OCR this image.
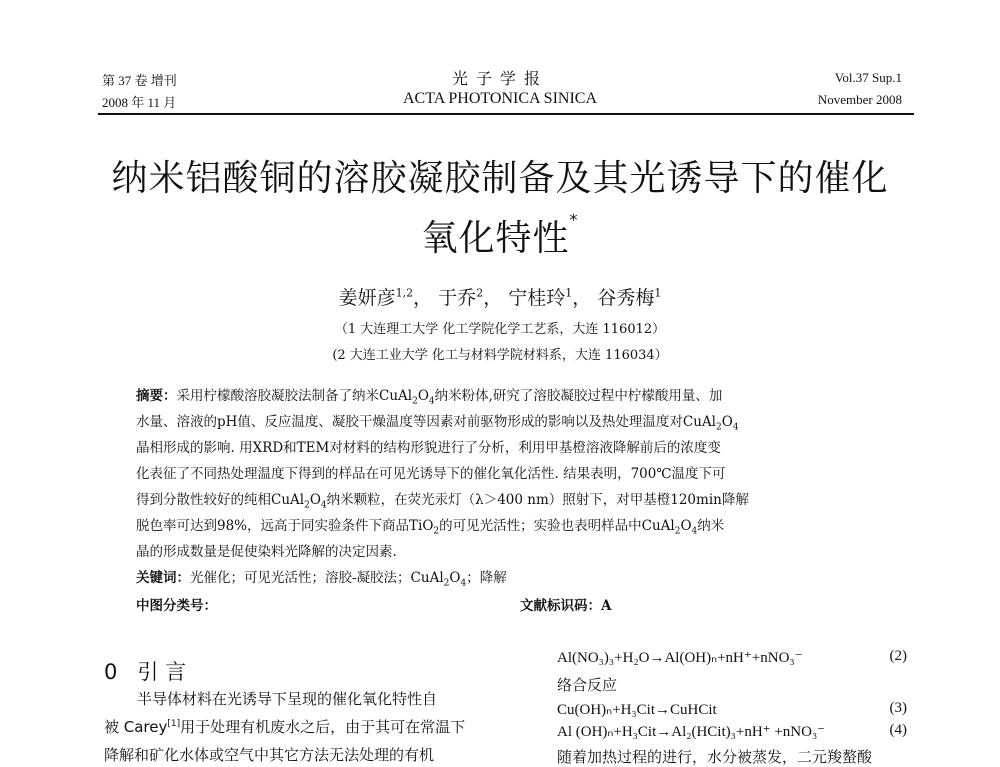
第 37 卷 增刊
2008 年 11 月
光子学报
ACTA PHOTONICA SINICA
Vol.37 Sup.1
November 2008
纳米铝酸铜的溶胶凝胶制备及其光诱导下的催化
氧化特性*
姜妍彦$^{1,2}$， 于乔$^2$， 宁桂玲$^1$， 谷秀梅$^1$
（1 大连理工大学 化工学院化学工艺系，大连 116012）
(2 大连工业大学 化工与材料学院材料系，大连 116034）
摘要：采用柠檬酸溶胶凝胶法制备了纳米$CuAl_2O_4$纳米粉体,研究了溶胶凝胶过程中柠檬酸用量、加
水量、溶液的pH值、反应温度、凝胶干燥温度等因素对前驱物形成的影响以及热处理温度对$CuAl_2O_4$
晶相形成的影响. 用XRD和TEM对材料的结构形貌进行了分析，利用甲基橙溶液降解前后的浓度变
化表征了不同热处理温度下得到的样品在可见光诱导下的催化氧化活性. 结果表明，700℃温度下可
得到分散性较好的纯相$CuAl_2O_4$纳米颗粒，在荧光汞灯（λ＞400 nm）照射下，对甲基橙120min降解
脱色率可达到98%，远高于同实验条件下商品TiO$_2$的可见光活性；实验也表明样品中$CuAl_2O_4$纳米
晶的形成数量是促使染料光降解的决定因素.
关键词：光催化；可见光活性；溶胶-凝胶法；$CuAl_2O_4$；降解
中图分类号：	文献标识码：A
0 引 言
半导体材料在光诱导下呈现的催化氧化特性自
被 Carey[1]用于处理有机废水之后，由于其可在常温下
降解和矿化水体或空气中其它方法无法处理的有机
Al(NO₃)₃+H₂O→Al(OH)ₙ+nH⁺+nNO₃⁻	(2)
络合反应
Cu(OH)ₙ+H₃Cit→CuHCit	(3)
Al (OH)ₙ+H₃Cit→Al₂(HCit)₃+nH⁺ +nNO₃⁻	(4)
随着加热过程的进行，水分被蒸发，二元羧螯酸
